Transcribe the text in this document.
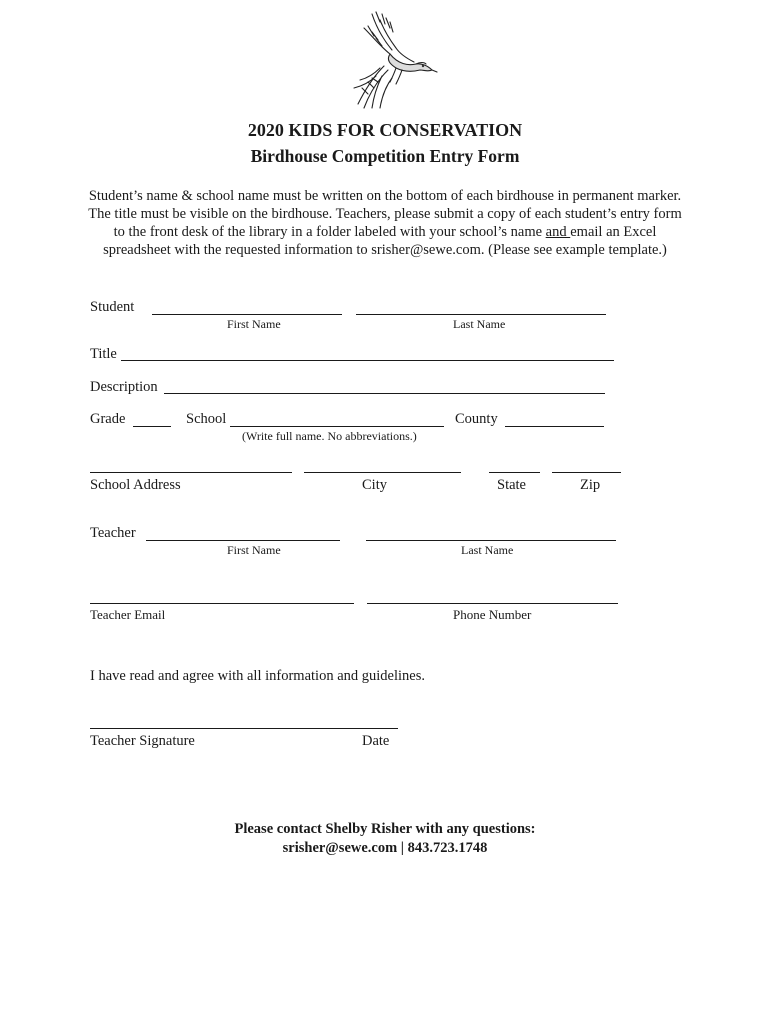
2020 KIDS FOR CONSERVATION
Birdhouse Competition Entry Form
Student’s name & school name must be written on the bottom of each birdhouse in permanent marker. The title must be visible on the birdhouse. Teachers, please submit a copy of each student’s entry form to the front desk of the library in a folder labeled with your school’s name and email an Excel spreadsheet with the requested information to srisher@sewe.com. (Please see example template.)
Student
First Name	Last Name
Title
Description
Grade	School	County
(Write full name. No abbreviations.)
School Address	City	State	Zip
Teacher
First Name	Last Name
Teacher Email	Phone Number
I have read and agree with all information and guidelines.
Teacher Signature	Date
Please contact Shelby Risher with any questions:
srisher@sewe.com | 843.723.1748
